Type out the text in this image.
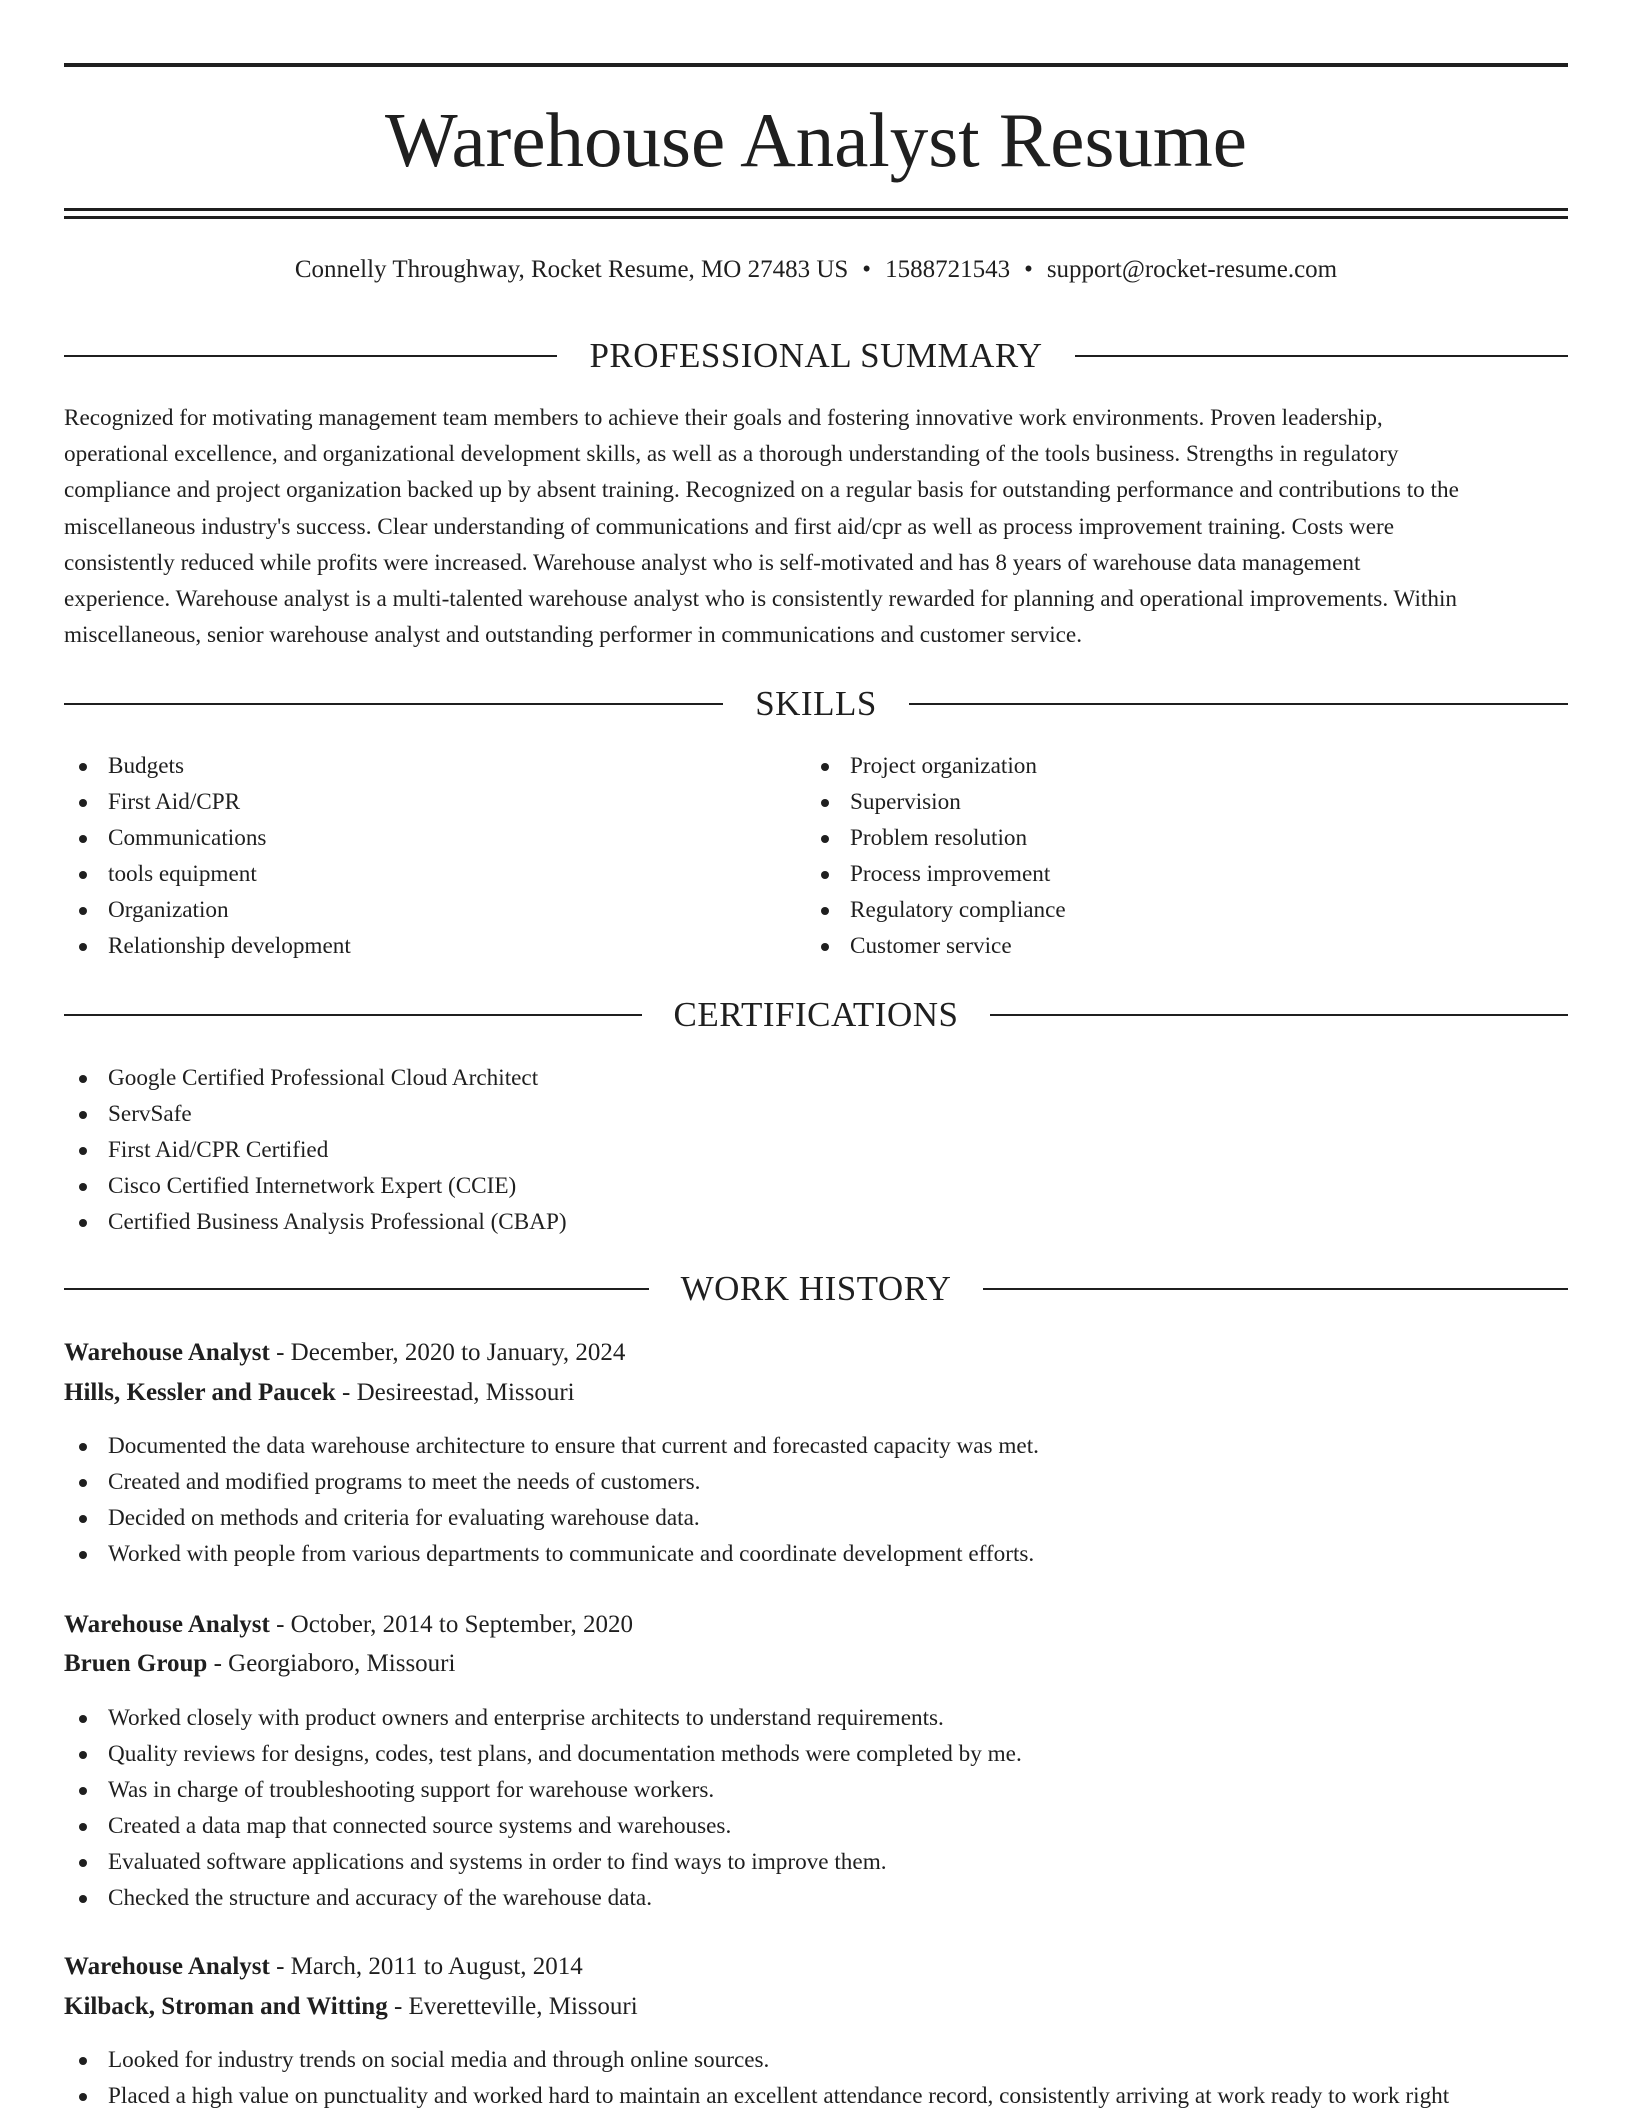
Warehouse Analyst Resume
Connelly Throughway, Rocket Resume, MO 27483 US • 1588721543 • support@rocket-resume.com
PROFESSIONAL SUMMARY

Recognized for motivating management team members to achieve their goals and fostering innovative work environments. Proven leadership,
operational excellence, and organizational development skills, as well as a thorough understanding of the tools business. Strengths in regulatory
compliance and project organization backed up by absent training. Recognized on a regular basis for outstanding performance and contributions to the
miscellaneous industry's success. Clear understanding of communications and first aid/cpr as well as process improvement training. Costs were
consistently reduced while profits were increased. Warehouse analyst who is self-motivated and has 8 years of warehouse data management
experience. Warehouse analyst is a multi-talented warehouse analyst who is consistently rewarded for planning and operational improvements. Within
miscellaneous, senior warehouse analyst and outstanding performer in communications and customer service.

SKILLS
Budgets
First Aid/CPR
Communications
tools equipment
Organization
Relationship development
Project organization
Supervision
Problem resolution
Process improvement
Regulatory compliance
Customer service
CERTIFICATIONS
Google Certified Professional Cloud Architect
ServSafe
First Aid/CPR Certified
Cisco Certified Internetwork Expert (CCIE)
Certified Business Analysis Professional (CBAP)
WORK HISTORY
Warehouse Analyst - December, 2020 to January, 2024
Hills, Kessler and Paucek - Desireestad, Missouri
Documented the data warehouse architecture to ensure that current and forecasted capacity was met.
Created and modified programs to meet the needs of customers.
Decided on methods and criteria for evaluating warehouse data.
Worked with people from various departments to communicate and coordinate development efforts.
Warehouse Analyst - October, 2014 to September, 2020
Bruen Group - Georgiaboro, Missouri
Worked closely with product owners and enterprise architects to understand requirements.
Quality reviews for designs, codes, test plans, and documentation methods were completed by me.
Was in charge of troubleshooting support for warehouse workers.
Created a data map that connected source systems and warehouses.
Evaluated software applications and systems in order to find ways to improve them.
Checked the structure and accuracy of the warehouse data.
Warehouse Analyst - March, 2011 to August, 2014
Kilback, Stroman and Witting - Everetteville, Missouri
Looked for industry trends on social media and through online sources.
Placed a high value on punctuality and worked hard to maintain an excellent attendance record, consistently arriving at work ready to work right
